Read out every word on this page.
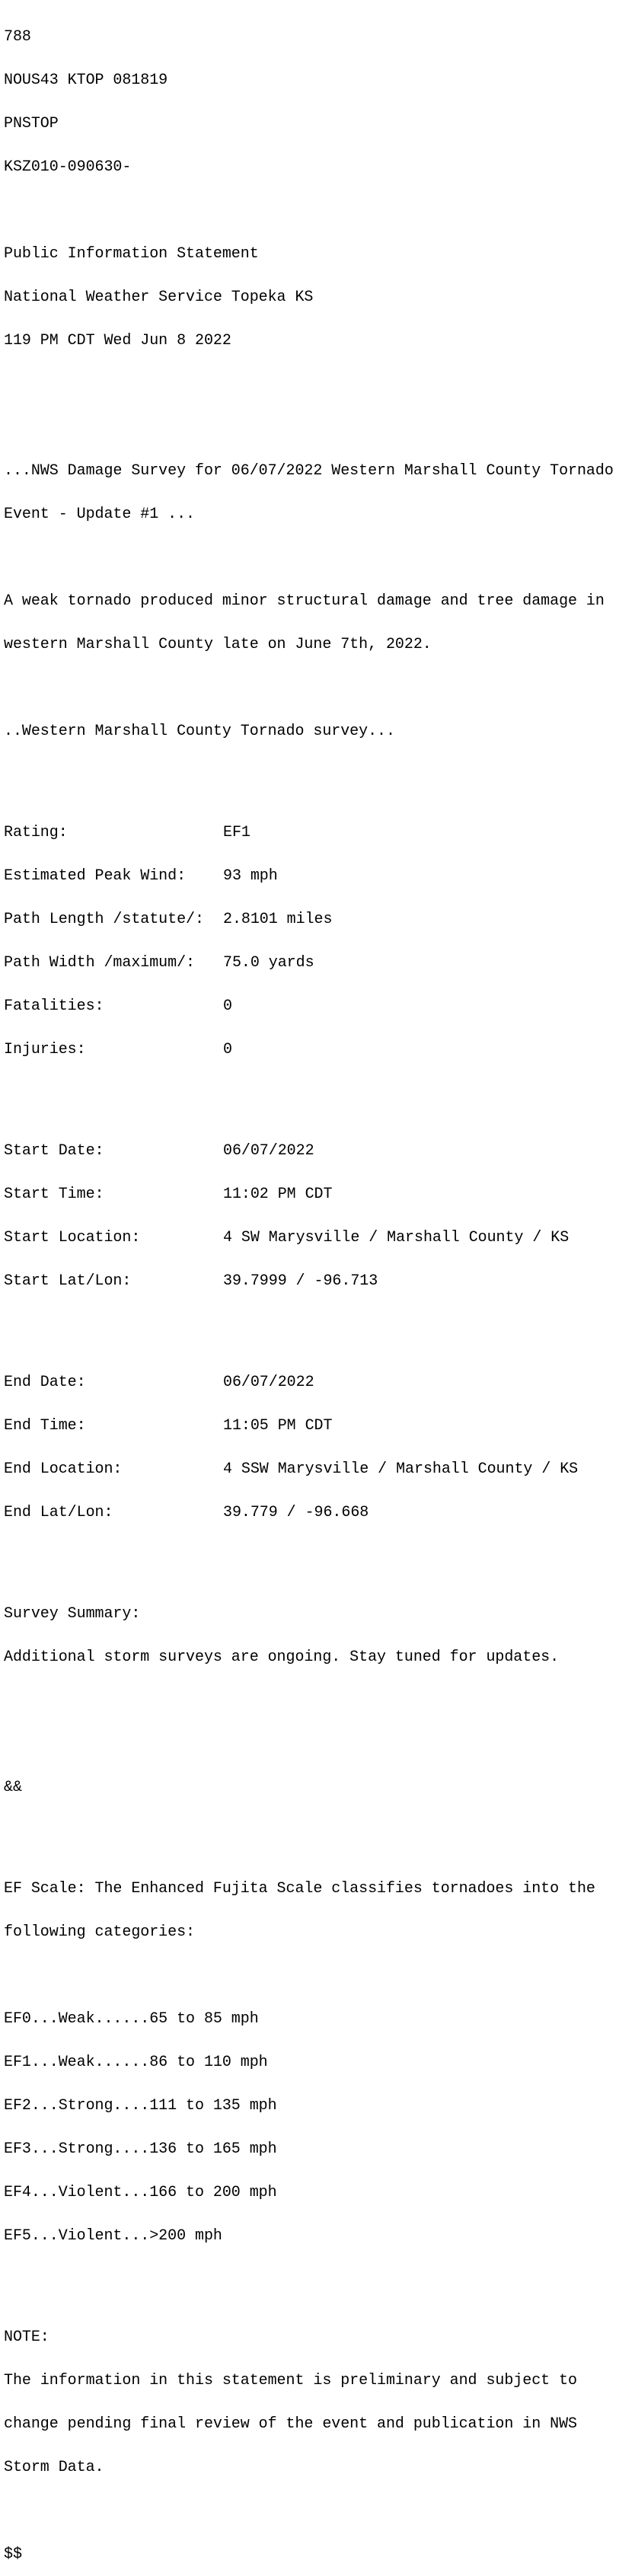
788

NOUS43 KTOP 081819

PNSTOP

KSZ010-090630-

Public Information Statement

National Weather Service Topeka KS

119 PM CDT Wed Jun 8 2022

...NWS Damage Survey for 06/07/2022 Western Marshall County Tornado

Event - Update #1 ...

A weak tornado produced minor structural damage and tree damage in

western Marshall County late on June 7th, 2022.

..Western Marshall County Tornado survey...

Rating:	EF1

Estimated Peak Wind: 93 mph

Path Length /statute/: 2.8101 miles

Path Width /maximum/: 75.0 yards

Fatalities:	0

Injuries:	0

Start Date:	06/07/2022

Start Time:	11:02 PM CDT

Start Location:	4 SW Marysville / Marshall County / KS

Start Lat/Lon:	39.7999 / -96.713

End Date:	06/07/2022

End Time:	11:05 PM CDT

End Location:	4 SSW Marysville / Marshall County / KS

End Lat/Lon:	39.779 / -96.668

Survey Summary:

Additional storm surveys are ongoing. Stay tuned for updates.

&&

EF Scale: The Enhanced Fujita Scale classifies tornadoes into the

following categories:

EF0...Weak......65 to 85 mph

EF1...Weak......86 to 110 mph

EF2...Strong....111 to 135 mph

EF3...Strong....136 to 165 mph

EF4...Violent...166 to 200 mph

EF5...Violent...>200 mph

NOTE:

The information in this statement is preliminary and subject to

change pending final review of the event and publication in NWS

Storm Data.

$$
